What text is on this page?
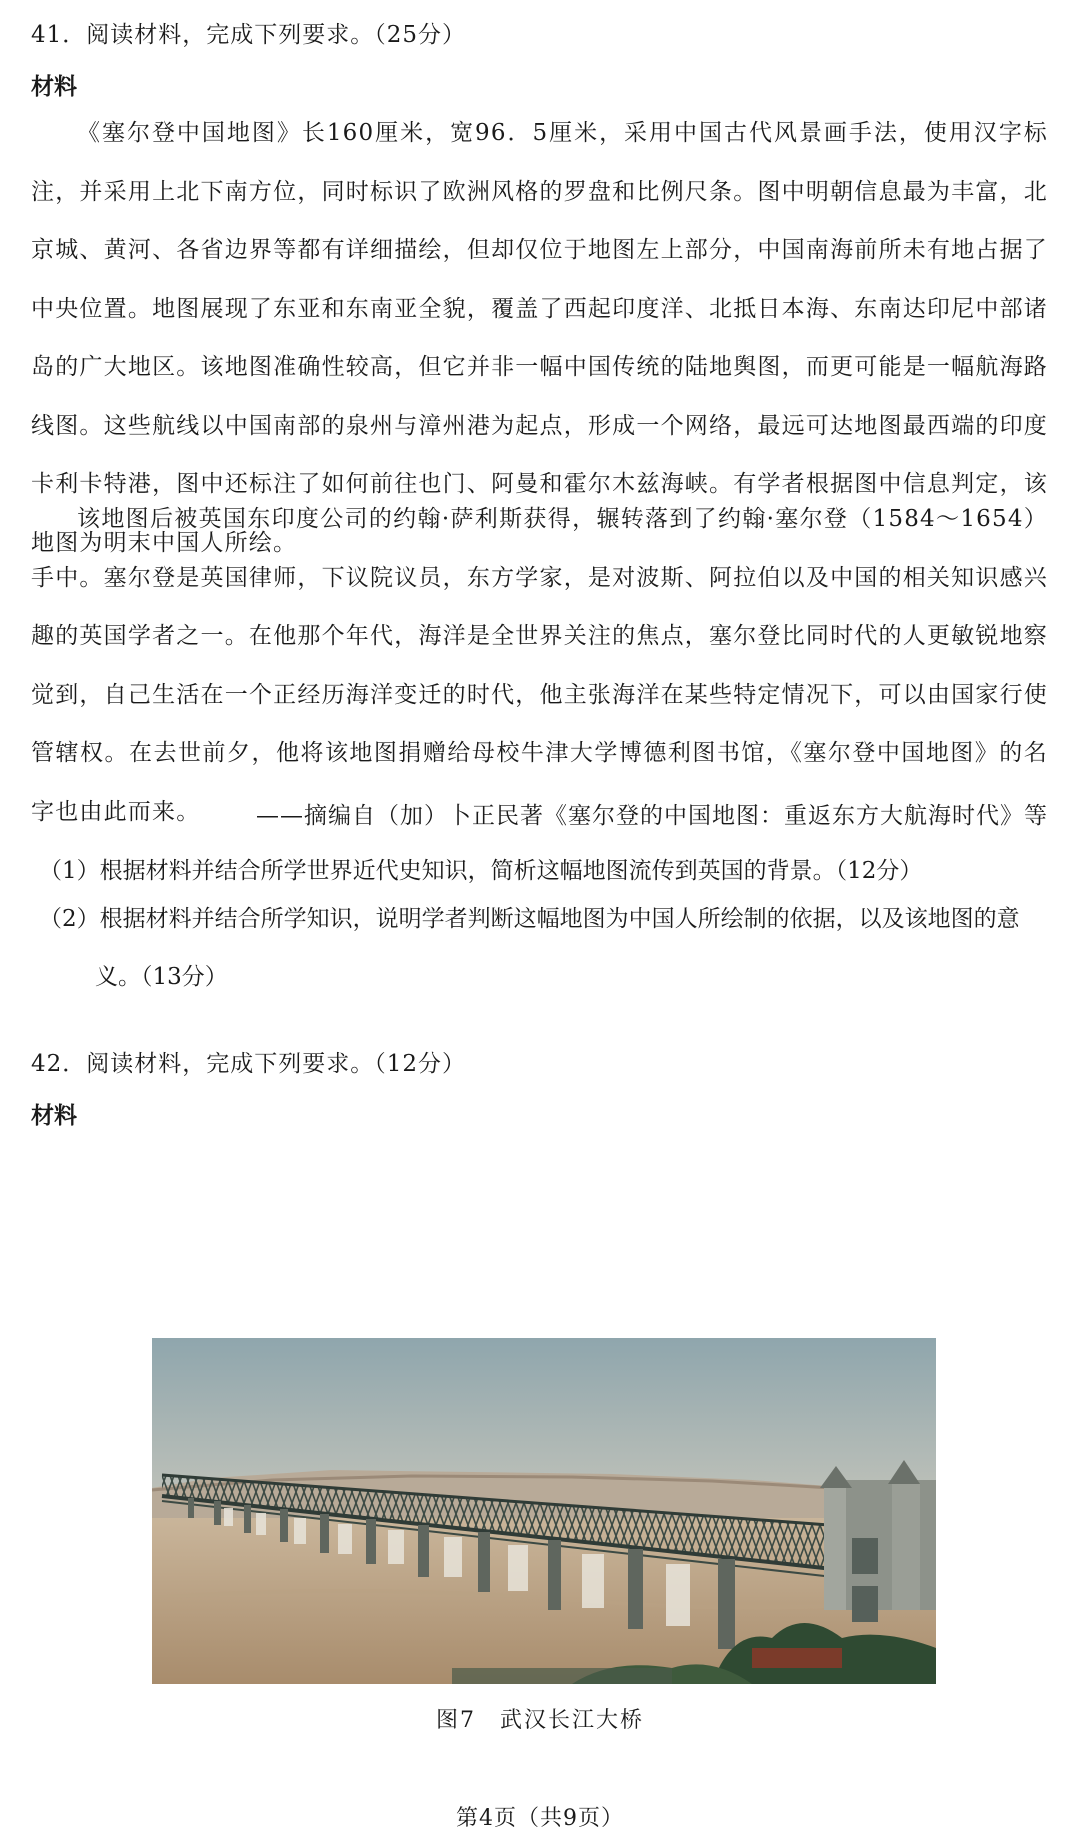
41．阅读材料，完成下列要求。（25分）
材料

《塞尔登中国地图》长160厘米，宽96．5厘米，采用中国古代风景画手法，使用汉字标注，并采用上北下南方位，同时标识了欧洲风格的罗盘和比例尺条。图中明朝信息最为丰富，北京城、黄河、各省边界等都有详细描绘，但却仅位于地图左上部分，中国南海前所未有地占据了中央位置。地图展现了东亚和东南亚全貌，覆盖了西起印度洋、北抵日本海、东南达印尼中部诸岛的广大地区。该地图准确性较高，但它并非一幅中国传统的陆地舆图，而更可能是一幅航海路线图。这些航线以中国南部的泉州与漳州港为起点，形成一个网络，最远可达地图最西端的印度卡利卡特港，图中还标注了如何前往也门、阿曼和霍尔木兹海峡。有学者根据图中信息判定，该地图为明末中国人所绘。

该地图后被英国东印度公司的约翰·萨利斯获得，辗转落到了约翰·塞尔登（1584～1654）手中。塞尔登是英国律师，下议院议员，东方学家，是对波斯、阿拉伯以及中国的相关知识感兴趣的英国学者之一。在他那个年代，海洋是全世界关注的焦点，塞尔登比同时代的人更敏锐地察觉到，自己生活在一个正经历海洋变迁的时代，他主张海洋在某些特定情况下，可以由国家行使管辖权。在去世前夕，他将该地图捐赠给母校牛津大学博德利图书馆，《塞尔登中国地图》的名字也由此而来。	——摘编自（加）卜正民著《塞尔登的中国地图：重返东方大航海时代》等

（1）根据材料并结合所学世界近代史知识，简析这幅地图流传到英国的背景。（12分）

（2）根据材料并结合所学知识，说明学者判断这幅地图为中国人所绘制的依据，以及该地图的意义。（13分）

42．阅读材料，完成下列要求。（12分）
材料
图7　武汉长江大桥
第4页（共9页）
